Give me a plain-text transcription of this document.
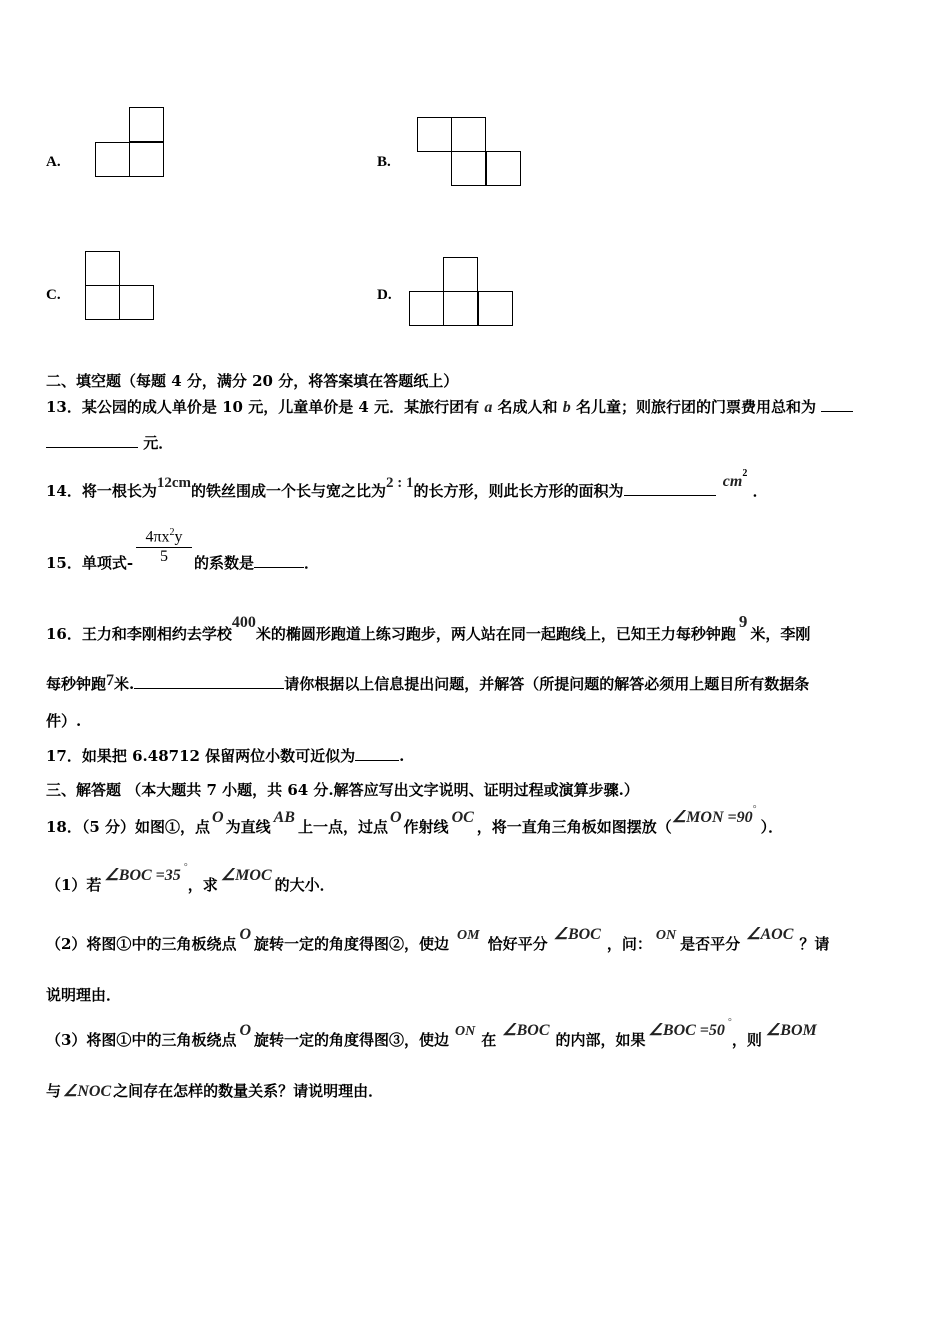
A.	B.
C.	D.
二、填空题（每题 4 分，满分 20 分，将答案填在答题纸上）
13．某公园的成人单价是 10 元，儿童单价是 4 元．某旅行团有 a 名成人和 b 名儿童；则旅行团的门票费用总和为
元．
14．将一根长为12cm的铁丝围成一个长与宽之比为2 : 1的长方形，则此长方形的面积为 $cm^2$ ．
15．单项式- $\frac{4\pi x^2y}{5}$ 的系数是	．
16．王力和李刚相约去学校400米的椭圆形跑道上练习跑步，两人站在同一起跑线上，已知王力每秒钟跑9米，李刚
每秒钟跑7米.	请你根据以上信息提出问题，并解答（所提问题的解答必须用上题目所有数据条
件）.
17．如果把 6.48712 保留两位小数可近似为	.
三、解答题 （本大题共 7 小题，共 64 分.解答应写出文字说明、证明过程或演算步骤.）
18．（5 分）如图①，点O为直线AB上一点，过点O作射线OC，将一直角三角板如图摆放（∠MON =90°）．
（1）若∠BOC =35 °，求∠MOC的大小．
（2）将图①中的三角板绕点O旋转一定的角度得图②，使边 OM 恰好平分∠BOC，问： ON 是否平分∠AOC？请
说明理由．
（3）将图①中的三角板绕点O旋转一定的角度得图③，使边 ON 在∠BOC的内部，如果∠BOC =50 °，则∠BOM
与 ∠NOC 之间存在怎样的数量关系？请说明理由．
